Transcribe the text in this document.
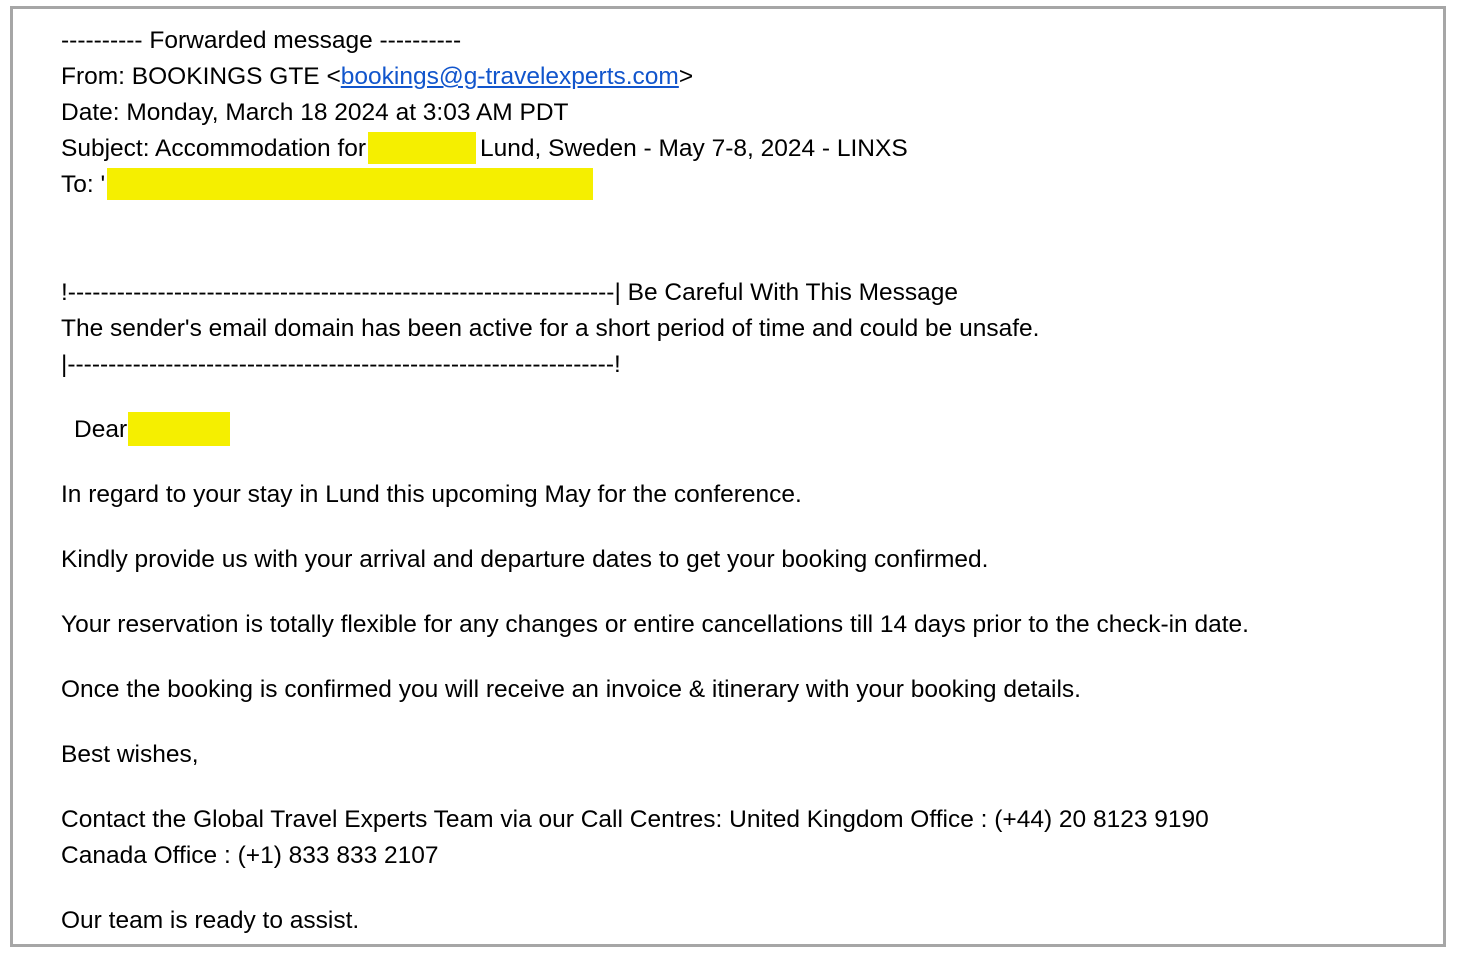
---------- Forwarded message ----------
From: BOOKINGS GTE <bookings@g-travelexperts.com>
Date: Monday, March 18 2024 at 3:03 AM PDT
Subject: Accommodation for	Lund, Sweden - May 7-8, 2024 - LINXS
To: '
!-------------------------------------------------------------------| Be Careful With This Message
The sender's email domain has been active for a short period of time and could be unsafe.
|-------------------------------------------------------------------!
Dear
In regard to your stay in Lund this upcoming May for the conference.
Kindly provide us with your arrival and departure dates to get your booking confirmed.
Your reservation is totally flexible for any changes or entire cancellations till 14 days prior to the check-in date.
Once the booking is confirmed you will receive an invoice & itinerary with your booking details.
Best wishes,
Contact the Global Travel Experts Team via our Call Centres: United Kingdom Office : (+44) 20 8123 9190
Canada Office : (+1) 833 833 2107
Our team is ready to assist.
